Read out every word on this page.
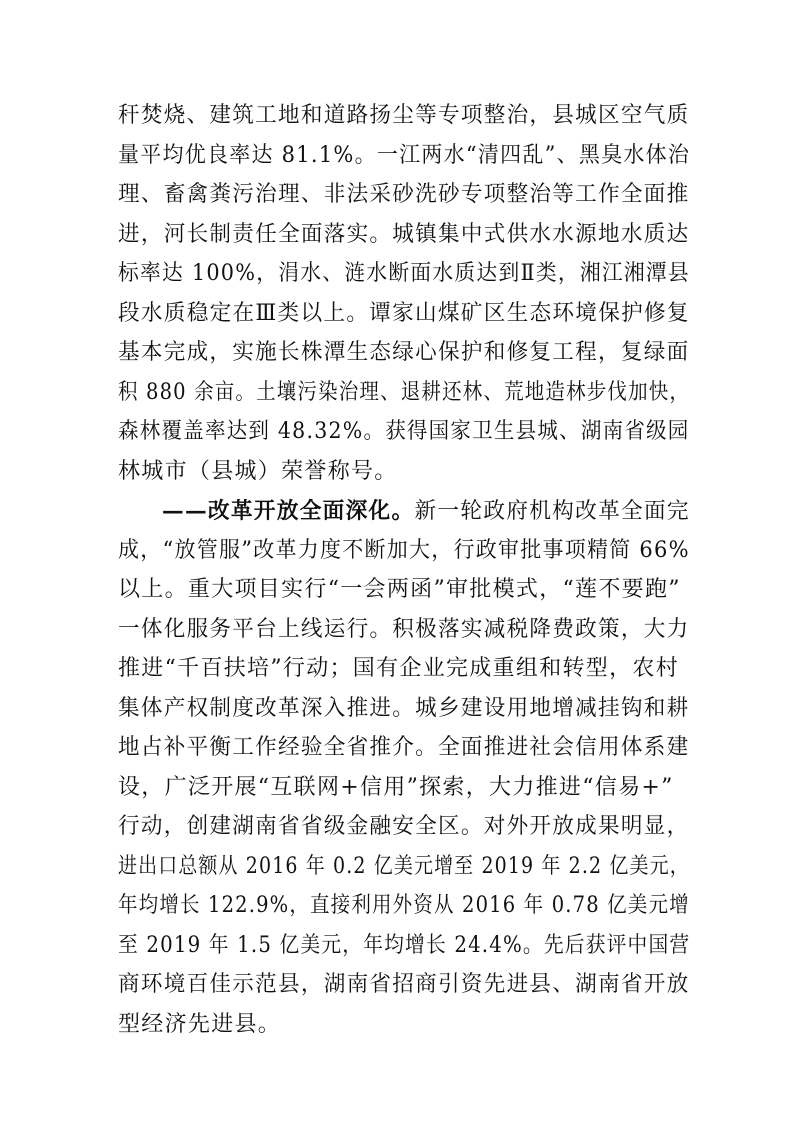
秆焚烧、建筑工地和道路扬尘等专项整治，县城区空气质
量平均优良率达 81.1%。一江两水“清四乱”、黑臭水体治
理、畜禽粪污治理、非法采砂洗砂专项整治等工作全面推
进，河长制责任全面落实。城镇集中式供水水源地水质达
标率达 100%，涓水、涟水断面水质达到Ⅱ类，湘江湘潭县
段水质稳定在Ⅲ类以上。谭家山煤矿区生态环境保护修复
基本完成，实施长株潭生态绿心保护和修复工程，复绿面
积 880 余亩。土壤污染治理、退耕还林、荒地造林步伐加快，
森林覆盖率达到 48.32%。获得国家卫生县城、湖南省级园
林城市（县城）荣誉称号。
——改革开放全面深化。新一轮政府机构改革全面完
成，“放管服”改革力度不断加大，行政审批事项精简 66%
以上。重大项目实行“一会两函”审批模式，“莲不要跑”
一体化服务平台上线运行。积极落实减税降费政策，大力
推进“千百扶培”行动；国有企业完成重组和转型，农村
集体产权制度改革深入推进。城乡建设用地增减挂钩和耕
地占补平衡工作经验全省推介。全面推进社会信用体系建
设，广泛开展“互联网+信用”探索，大力推进“信易+”
行动，创建湖南省省级金融安全区。对外开放成果明显，
进出口总额从 2016 年 0.2 亿美元增至 2019 年 2.2 亿美元，
年均增长 122.9%，直接利用外资从 2016 年 0.78 亿美元增
至 2019 年 1.5 亿美元，年均增长 24.4%。先后获评中国营
商环境百佳示范县，湖南省招商引资先进县、湖南省开放
型经济先进县。
